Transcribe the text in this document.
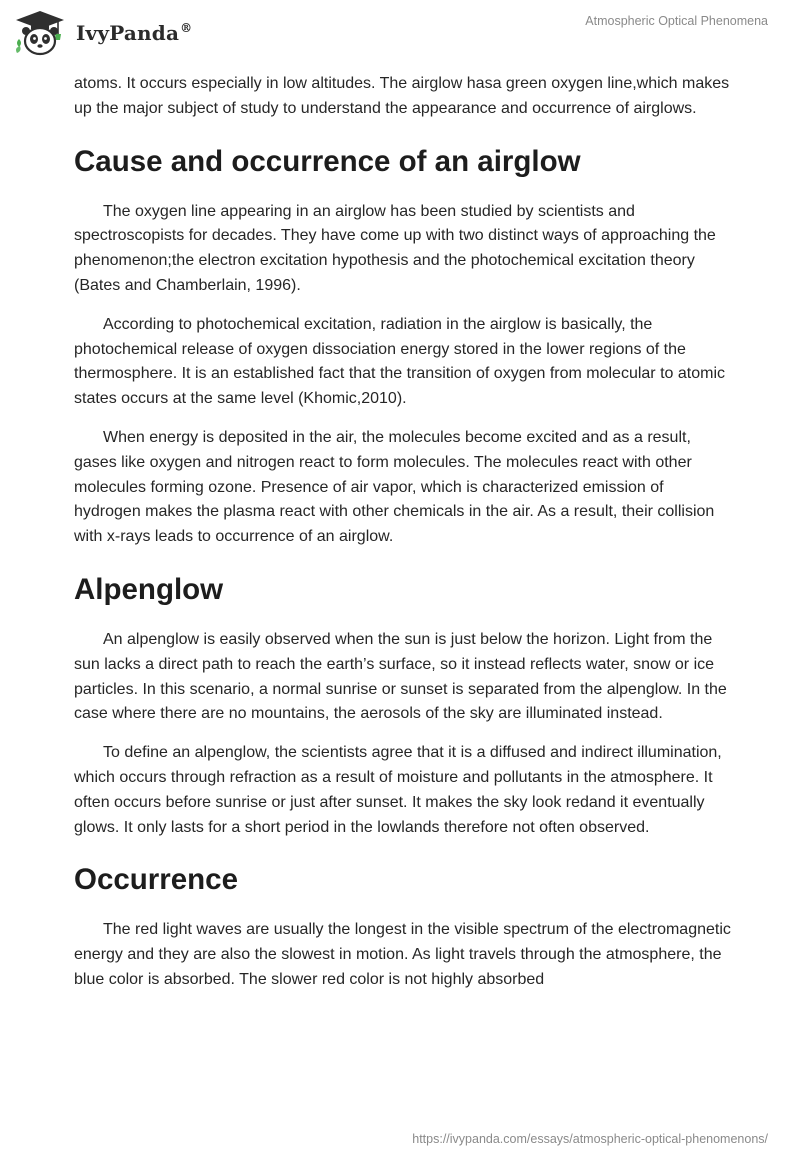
IvyPanda®
Atmospheric Optical Phenomena

atoms. It occurs especially in low altitudes. The airglow hasa green oxygen line,which makes up the major subject of study to understand the appearance and occurrence of airglows.

Cause and occurrence of an airglow

The oxygen line appearing in an airglow has been studied by scientists and spectroscopists for decades. They have come up with two distinct ways of approaching the phenomenon;the electron excitation hypothesis and the photochemical excitation theory (Bates and Chamberlain, 1996).

According to photochemical excitation, radiation in the airglow is basically, the photochemical release of oxygen dissociation energy stored in the lower regions of the thermosphere. It is an established fact that the transition of oxygen from molecular to atomic states occurs at the same level (Khomic,2010).

When energy is deposited in the air, the molecules become excited and as a result, gases like oxygen and nitrogen react to form molecules. The molecules react with other molecules forming ozone. Presence of air vapor, which is characterized emission of hydrogen makes the plasma react with other chemicals in the air. As a result, their collision with x-rays leads to occurrence of an airglow.

Alpenglow

An alpenglow is easily observed when the sun is just below the horizon. Light from the sun lacks a direct path to reach the earth’s surface, so it instead reflects water, snow or ice particles. In this scenario, a normal sunrise or sunset is separated from the alpenglow. In the case where there are no mountains, the aerosols of the sky are illuminated instead.

To define an alpenglow, the scientists agree that it is a diffused and indirect illumination, which occurs through refraction as a result of moisture and pollutants in the atmosphere. It often occurs before sunrise or just after sunset. It makes the sky look redand it eventually glows. It only lasts for a short period in the lowlands therefore not often observed.

Occurrence

The red light waves are usually the longest in the visible spectrum of the electromagnetic energy and they are also the slowest in motion. As light travels through the atmosphere, the blue color is absorbed. The slower red color is not highly absorbed

https://ivypanda.com/essays/atmospheric-optical-phenomenons/
